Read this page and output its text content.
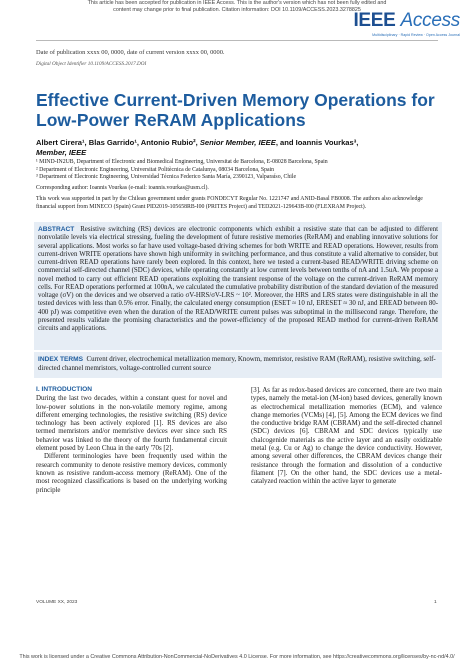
This article has been accepted for publication in IEEE Access. This is the author's version which has not been fully edited and
content may change prior to final publication. Citation information: DOI 10.1109/ACCESS.2023.3278825
IEEE Access
Multidisciplinary · Rapid Review · Open Access Journal
Date of publication xxxx 00, 0000, date of current version xxxx 00, 0000.
Digital Object Identifier 10.1109/ACCESS.2017.DOI
Effective Current-Driven Memory Operations for Low-Power ReRAM Applications
Albert Cirera¹, Blas Garrido¹, Antonio Rubio², Senior Member, IEEE, and Ioannis Vourkas³,
Member, IEEE
¹ MIND-IN2UB, Department of Electronic and Biomedical Engineering, Universitat de Barcelona, E-08028 Barcelona, Spain
² Department of Electronic Engineering, Universitat Politècnica de Catalunya, 08034 Barcelona, Spain
³ Department of Electronic Engineering, Universidad Técnica Federico Santa María, 2390123, Valparaíso, Chile
Corresponding author: Ioannis Vourkas (e-mail: ioannis.vourkas@usm.cl).
This work was supported in part by the Chilean government under grants FONDECYT Regular No. 1221747 and ANID-Basal FB0008. The authors also acknowledge financial support from MINECO (Spain) Grant PID2019-105658RB-I00 (PRITES Project) and TED2021-129643B-I00 (FLEXRAM Project).
ABSTRACT Resistive switching (RS) devices are electronic components which exhibit a resistive state that can be adjusted to different nonvolatile levels via electrical stressing, fueling the development of future resistive memories (ReRAM) and enabling innovative solutions for several applications. Most works so far have used voltage-based driving schemes for both WRITE and READ operations. However, results from current-driven WRITE operations have shown high uniformity in switching performance, and thus constitute a valid alternative to consider, but current-driven READ operations have rarely been explored. In this context, here we tested a current-based READ/WRITE driving scheme on commercial self-directed channel (SDC) devices, while operating constantly at low current levels between tenths of nA and 1.5uA. We propose a novel method to carry out efficient READ operations exploiting the transient response of the voltage on the current-driven ReRAM memory cells. For READ operations performed at 100nA, we calculated the cumulative probability distribution of the standard deviation of the measured voltage (σV) on the devices and we observed a ratio σV-HRS/σV-LRS ~ 10². Moreover, the HRS and LRS states were distinguishable in all the tested devices with less than 0.5% error. Finally, the calculated energy consumption (ESET ≈ 10 nJ, ERESET ≈ 30 nJ, and EREAD between 80-400 pJ) was competitive even when the duration of the READ/WRITE current pulses was suboptimal in the millisecond range. Therefore, the presented results validate the promising characteristics and the power-efficiency of the proposed READ method for current-driven ReRAM circuits and applications.
INDEX TERMS Current driver, electrochemical metallization memory, Knowm, memristor, resistive RAM (ReRAM), resistive switching, self-directed channel memristors, voltage-controlled current source
I. INTRODUCTION

During the last two decades, within a constant quest for novel and low-power solutions in the non-volatile memory regime, among different emerging technologies, the resistive switching (RS) device technology has been actively explored [1]. RS devices are also termed memristors and/or memristive devices ever since such RS behavior was linked to the theory of the fourth fundamental circuit element posed by Leon Chua in the early '70s [2].

Different terminologies have been frequently used within the research community to denote resistive memory devices, commonly known as resistive random-access memory (ReRAM). One of the most recognized classifications is based on the underlying working principle

[3]. As far as redox-based devices are concerned, there are two main types, namely the metal-ion (M-ion) based devices, generally known as electrochemical metallization memories (ECM), and valence change memories (VCMs) [4], [5]. Among the ECM devices we find the conductive bridge RAM (CBRAM) and the self-directed channel (SDC) devices [6]. CBRAM and SDC devices typically use chalcogenide materials as the active layer and an easily oxidizable metal (e.g. Cu or Ag) to change the device conductivity. However, among several other differences, the CBRAM devices change their resistance through the formation and dissolution of a conductive filament [7]. On the other hand, the SDC devices use a metal-catalyzed reaction within the active layer to generate

VOLUME XX, 2023	1
This work is licensed under a Creative Commons Attribution-NonCommercial-NoDerivatives 4.0 License. For more information, see https://creativecommons.org/licenses/by-nc-nd/4.0/
